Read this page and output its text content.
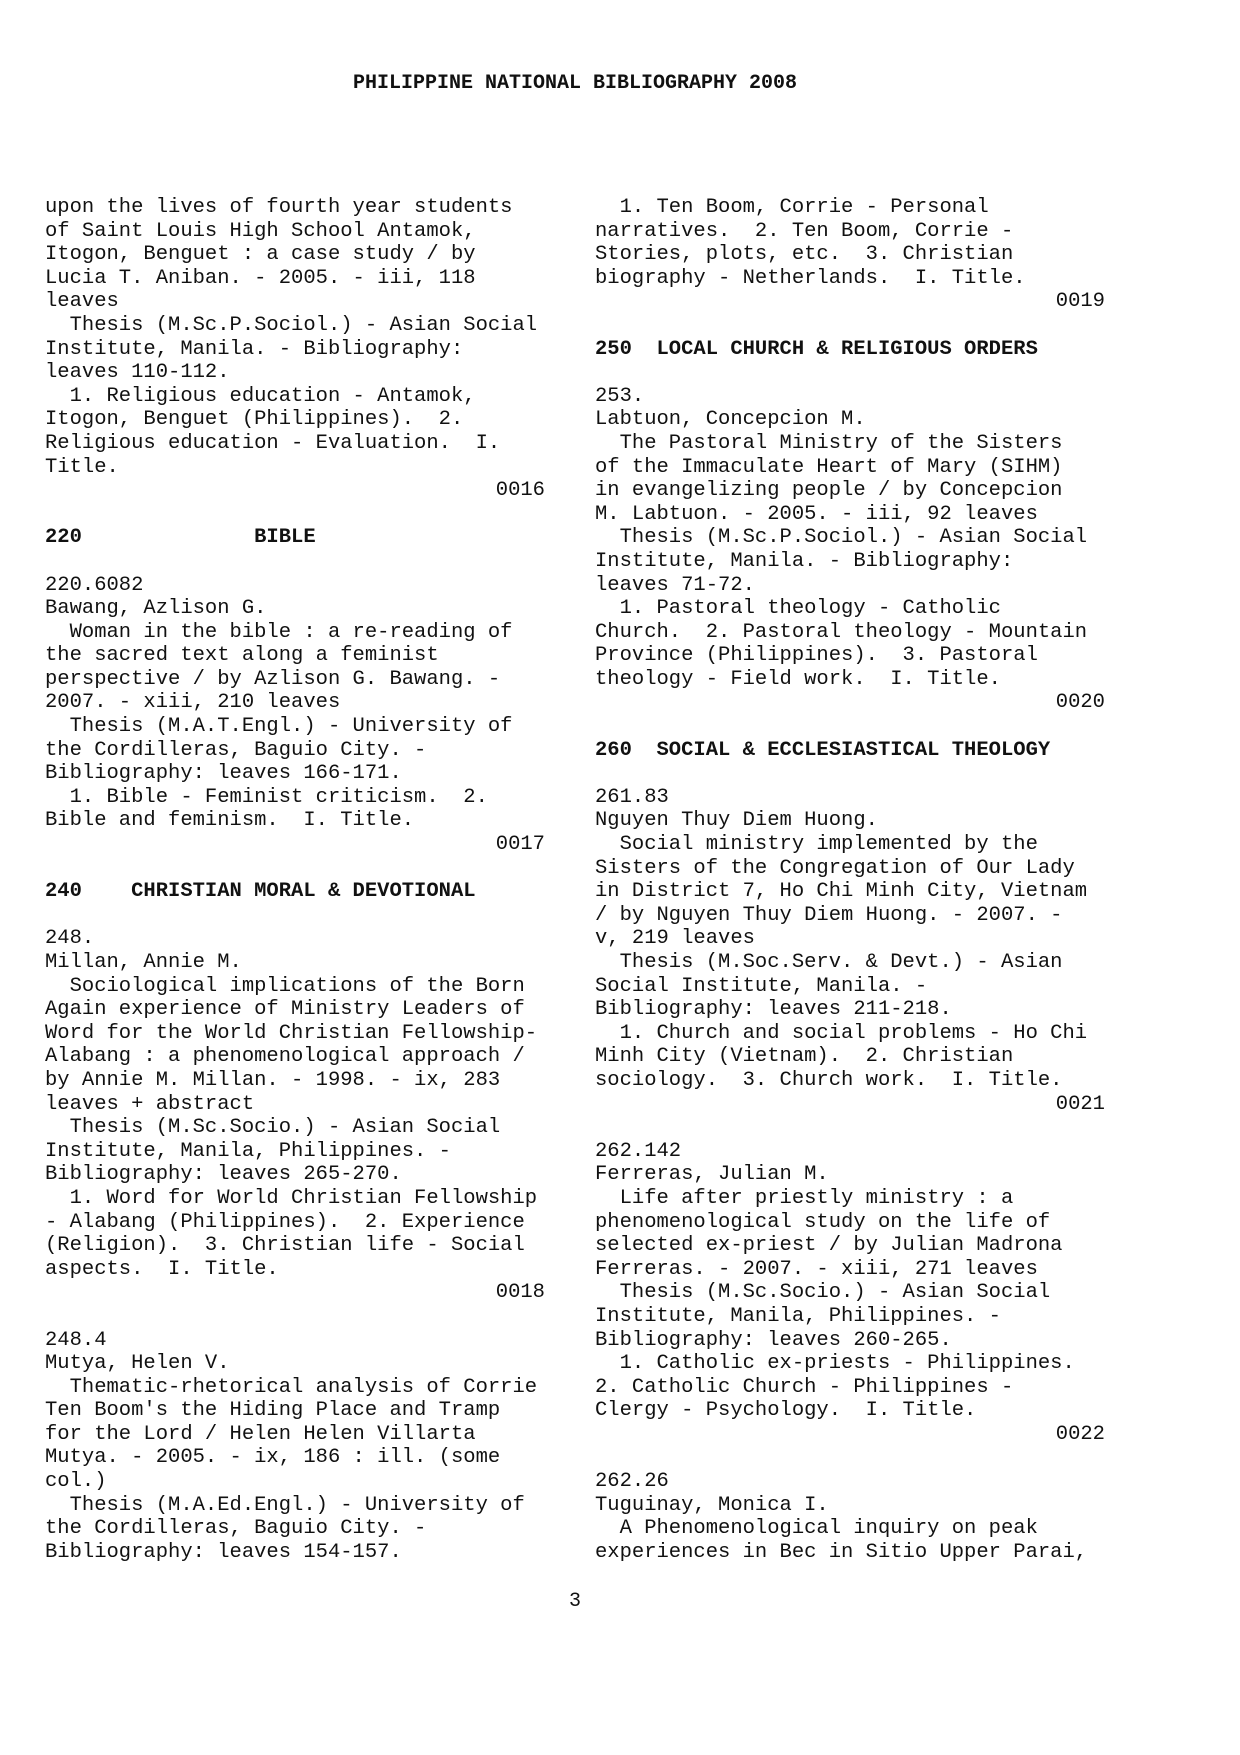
PHILIPPINE NATIONAL BIBLIOGRAPHY 2008
upon the lives of fourth year students
of Saint Louis High School Antamok,
Itogon, Benguet : a case study / by
Lucia T. Aniban. - 2005. - iii, 118
leaves
Thesis (M.Sc.P.Sociol.) - Asian Social
Institute, Manila. - Bibliography:
leaves 110-112.
1. Religious education - Antamok,
Itogon, Benguet (Philippines).  2.
Religious education - Evaluation.  I.
Title.
0016
220              BIBLE
220.6082
Bawang, Azlison G.
Woman in the bible : a re-reading of
the sacred text along a feminist
perspective / by Azlison G. Bawang. -
2007. - xiii, 210 leaves
Thesis (M.A.T.Engl.) - University of
the Cordilleras, Baguio City. -
Bibliography: leaves 166-171.
1. Bible - Feminist criticism.  2.
Bible and feminism.  I. Title.
0017
240    CHRISTIAN MORAL & DEVOTIONAL
248.
Millan, Annie M.
Sociological implications of the Born
Again experience of Ministry Leaders of
Word for the World Christian Fellowship-
Alabang : a phenomenological approach /
by Annie M. Millan. - 1998. - ix, 283
leaves + abstract
Thesis (M.Sc.Socio.) - Asian Social
Institute, Manila, Philippines. -
Bibliography: leaves 265-270.
1. Word for World Christian Fellowship
- Alabang (Philippines).  2. Experience
(Religion).  3. Christian life - Social
aspects.  I. Title.
0018
248.4
Mutya, Helen V.
Thematic-rhetorical analysis of Corrie
Ten Boom's the Hiding Place and Tramp
for the Lord / Helen Helen Villarta
Mutya. - 2005. - ix, 186 : ill. (some
col.)
Thesis (M.A.Ed.Engl.) - University of
the Cordilleras, Baguio City. -
Bibliography: leaves 154-157.
1. Ten Boom, Corrie - Personal
narratives.  2. Ten Boom, Corrie -
Stories, plots, etc.  3. Christian
biography - Netherlands.  I. Title.
0019
250  LOCAL CHURCH & RELIGIOUS ORDERS
253.
Labtuon, Concepcion M.
The Pastoral Ministry of the Sisters
of the Immaculate Heart of Mary (SIHM)
in evangelizing people / by Concepcion
M. Labtuon. - 2005. - iii, 92 leaves
Thesis (M.Sc.P.Sociol.) - Asian Social
Institute, Manila. - Bibliography:
leaves 71-72.
1. Pastoral theology - Catholic
Church.  2. Pastoral theology - Mountain
Province (Philippines).  3. Pastoral
theology - Field work.  I. Title.
0020
260  SOCIAL & ECCLESIASTICAL THEOLOGY
261.83
Nguyen Thuy Diem Huong.
Social ministry implemented by the
Sisters of the Congregation of Our Lady
in District 7, Ho Chi Minh City, Vietnam
/ by Nguyen Thuy Diem Huong. - 2007. -
v, 219 leaves
Thesis (M.Soc.Serv. & Devt.) - Asian
Social Institute, Manila. -
Bibliography: leaves 211-218.
1. Church and social problems - Ho Chi
Minh City (Vietnam).  2. Christian
sociology.  3. Church work.  I. Title.
0021
262.142
Ferreras, Julian M.
Life after priestly ministry : a
phenomenological study on the life of
selected ex-priest / by Julian Madrona
Ferreras. - 2007. - xiii, 271 leaves
Thesis (M.Sc.Socio.) - Asian Social
Institute, Manila, Philippines. -
Bibliography: leaves 260-265.
1. Catholic ex-priests - Philippines.
2. Catholic Church - Philippines -
Clergy - Psychology.  I. Title.
0022
262.26
Tuguinay, Monica I.
A Phenomenological inquiry on peak
experiences in Bec in Sitio Upper Parai,
3
